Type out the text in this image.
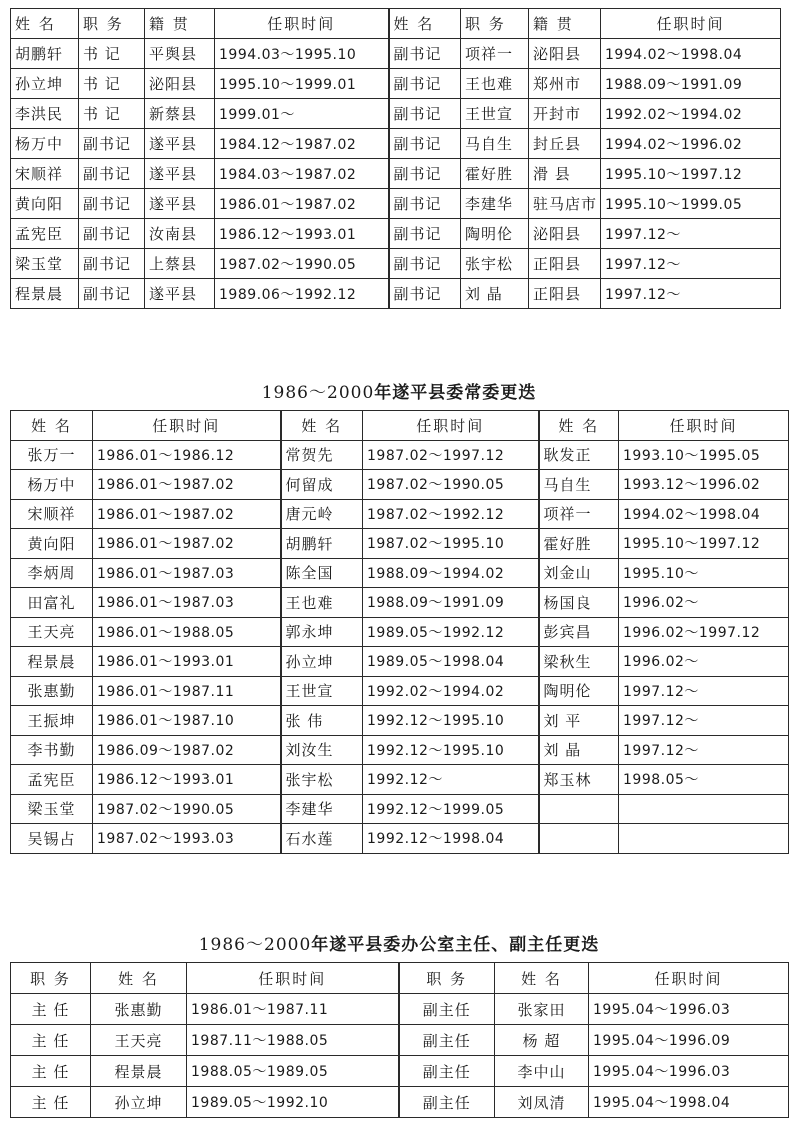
姓 名	职 务	籍 贯	任职时间	姓 名	职 务	籍 贯	任职时间
胡鹏轩	书 记	平舆县	1994.03～1995.10	副书记	项祥一	泌阳县	1994.02～1998.04
孙立坤	书 记	泌阳县	1995.10～1999.01	副书记	王也难	郑州市	1988.09～1991.09
李洪民	书 记	新蔡县	1999.01～	副书记	王世宣	开封市	1992.02～1994.02
杨万中	副书记	遂平县	1984.12～1987.02	副书记	马自生	封丘县	1994.02～1996.02
宋顺祥	副书记	遂平县	1984.03～1987.02	副书记	霍好胜	滑 县	1995.10～1997.12
黄向阳	副书记	遂平县	1986.01～1987.02	副书记	李建华	驻马店市	1995.10～1999.05
孟宪臣	副书记	汝南县	1986.12～1993.01	副书记	陶明伦	泌阳县	1997.12～
梁玉堂	副书记	上蔡县	1987.02～1990.05	副书记	张宇松	正阳县	1997.12～
程景晨	副书记	遂平县	1989.06～1992.12	副书记	刘 晶	正阳县	1997.12～
1986～2000年遂平县委常委更迭
姓 名	任职时间	姓 名	任职时间	姓 名	任职时间
张万一	1986.01～1986.12	常贺先	1987.02～1997.12	耿发正	1993.10～1995.05
杨万中	1986.01～1987.02	何留成	1987.02～1990.05	马自生	1993.12～1996.02
宋顺祥	1986.01～1987.02	唐元岭	1987.02～1992.12	项祥一	1994.02～1998.04
黄向阳	1986.01～1987.02	胡鹏轩	1987.02～1995.10	霍好胜	1995.10～1997.12
李炳周	1986.01～1987.03	陈全国	1988.09～1994.02	刘金山	1995.10～
田富礼	1986.01～1987.03	王也难	1988.09～1991.09	杨国良	1996.02～
王天亮	1986.01～1988.05	郭永坤	1989.05～1992.12	彭宾昌	1996.02～1997.12
程景晨	1986.01～1993.01	孙立坤	1989.05～1998.04	梁秋生	1996.02～
张惠勤	1986.01～1987.11	王世宣	1992.02～1994.02	陶明伦	1997.12～
王振坤	1986.01～1987.10	张 伟	1992.12～1995.10	刘 平	1997.12～
李书勤	1986.09～1987.02	刘汝生	1992.12～1995.10	刘 晶	1997.12～
孟宪臣	1986.12～1993.01	张宇松	1992.12～	郑玉林	1998.05～
梁玉堂	1987.02～1990.05	李建华	1992.12～1999.05		
吴锡占	1987.02～1993.03	石水莲	1992.12～1998.04		
1986～2000年遂平县委办公室主任、副主任更迭
职 务	姓 名	任职时间	职 务	姓 名	任职时间
主 任	张惠勤	1986.01～1987.11	副主任	张家田	1995.04～1996.03
主 任	王天亮	1987.11～1988.05	副主任	杨 超	1995.04～1996.09
主 任	程景晨	1988.05～1989.05	副主任	李中山	1995.04～1996.03
主 任	孙立坤	1989.05～1992.10	副主任	刘凤清	1995.04～1998.04
